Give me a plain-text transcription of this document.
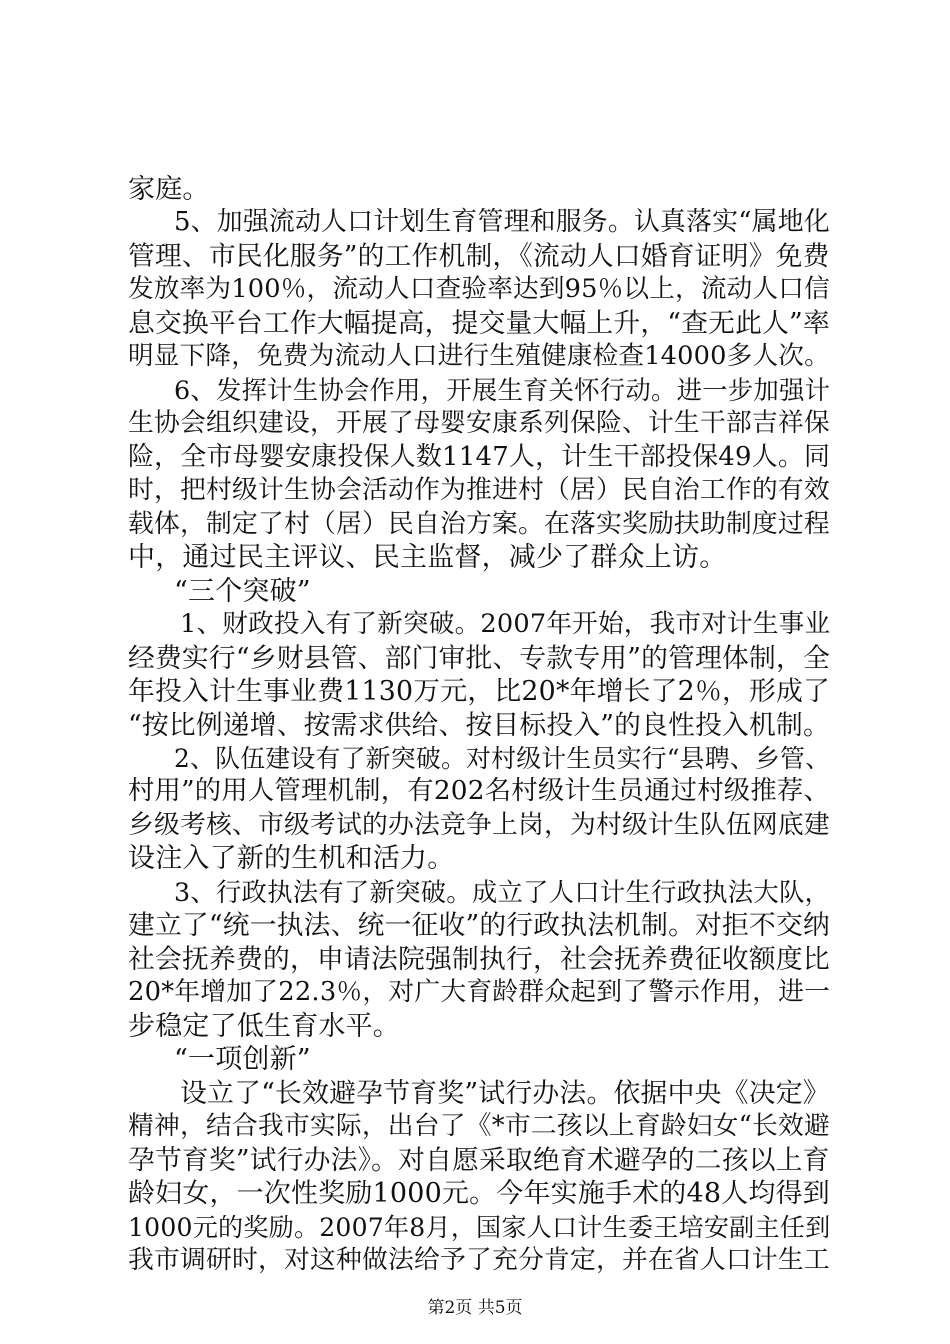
家庭。
5、加强流动人口计划生育管理和服务。认真落实“属地化
管理、市民化服务”的工作机制，《流动人口婚育证明》免费
发放率为100％，流动人口查验率达到95％以上，流动人口信
息交换平台工作大幅提高，提交量大幅上升，“查无此人”率
明显下降，免费为流动人口进行生殖健康检查14000多人次。
6、发挥计生协会作用，开展生育关怀行动。进一步加强计
生协会组织建设，开展了母婴安康系列保险、计生干部吉祥保
险，全市母婴安康投保人数1147人，计生干部投保49人。同
时，把村级计生协会活动作为推进村（居）民自治工作的有效
载体，制定了村（居）民自治方案。在落实奖励扶助制度过程
中，通过民主评议、民主监督，减少了群众上访。
“三个突破”
1、财政投入有了新突破。2007年开始，我市对计生事业
经费实行“乡财县管、部门审批、专款专用”的管理体制，全
年投入计生事业费1130万元，比20*年增长了2％，形成了
“按比例递增、按需求供给、按目标投入”的良性投入机制。
2、队伍建设有了新突破。对村级计生员实行“县聘、乡管、
村用”的用人管理机制，有202名村级计生员通过村级推荐、
乡级考核、市级考试的办法竞争上岗，为村级计生队伍网底建
设注入了新的生机和活力。
3、行政执法有了新突破。成立了人口计生行政执法大队，
建立了“统一执法、统一征收”的行政执法机制。对拒不交纳
社会抚养费的，申请法院强制执行，社会抚养费征收额度比
20*年增加了22.3％，对广大育龄群众起到了警示作用，进一
步稳定了低生育水平。
“一项创新”
设立了“长效避孕节育奖”试行办法。依据中央《决定》
精神，结合我市实际，出台了《*市二孩以上育龄妇女“长效避
孕节育奖”试行办法》。对自愿采取绝育术避孕的二孩以上育
龄妇女，一次性奖励1000元。今年实施手术的48人均得到
1000元的奖励。2007年8月，国家人口计生委王培安副主任到
我市调研时，对这种做法给予了充分肯定，并在省人口计生工
第2页 共5页
